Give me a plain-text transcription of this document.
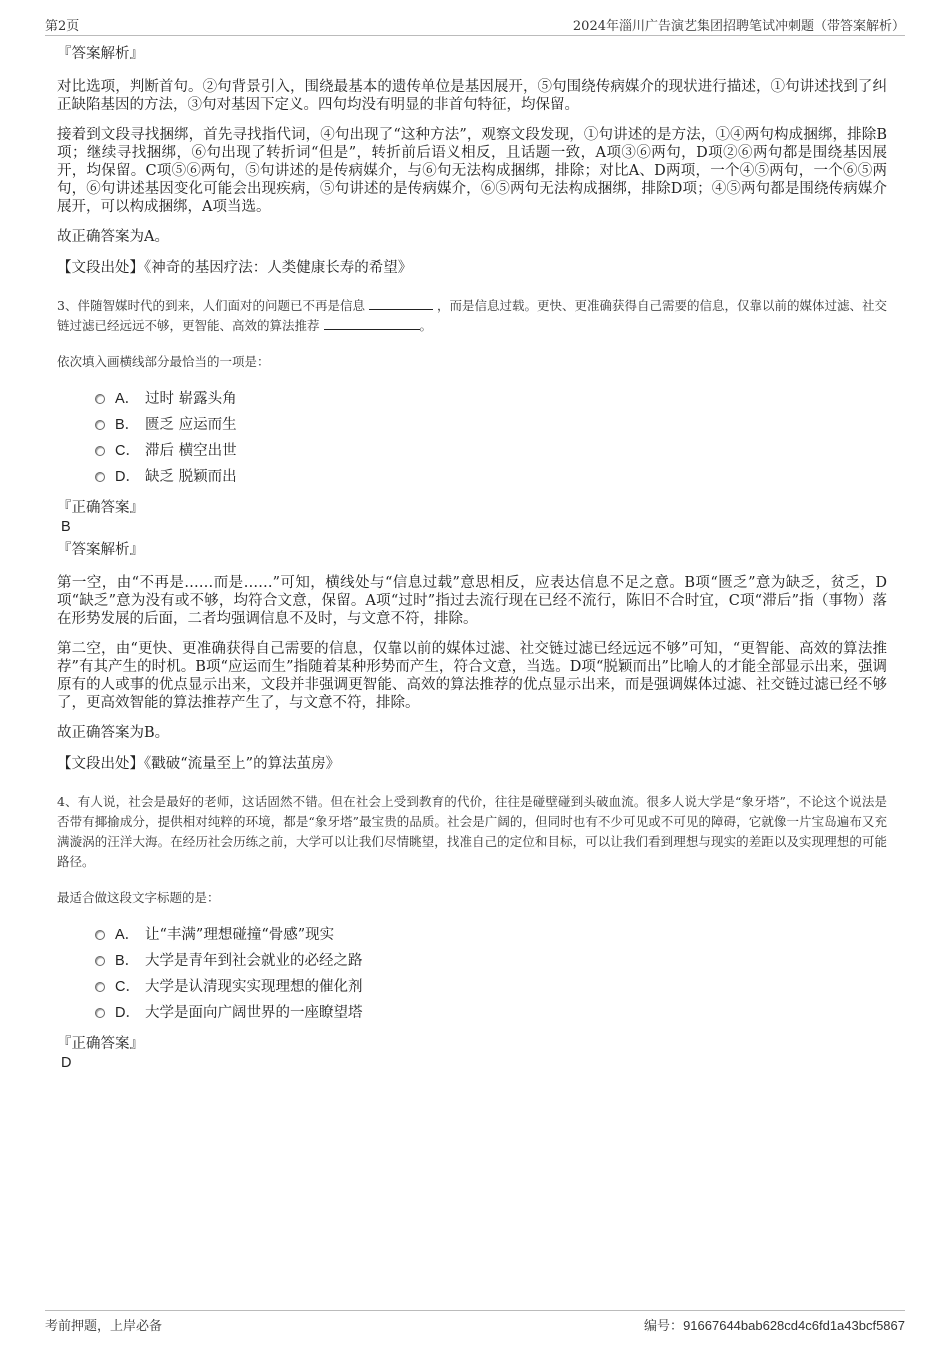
第2页	2024年淄川广告演艺集团招聘笔试冲刺题（带答案解析）
『答案解析』

对比选项，判断首句。②句背景引入，围绕最基本的遗传单位是基因展开，⑤句围绕传病媒介的现状进行描述，①句讲述找到了纠正缺陷基因的方法，③句对基因下定义。四句均没有明显的非首句特征，均保留。

接着到文段寻找捆绑，首先寻找指代词，④句出现了“这种方法”，观察文段发现，①句讲述的是方法，①④两句构成捆绑，排除B项；继续寻找捆绑，⑥句出现了转折词“但是”，转折前后语义相反，且话题一致，A项③⑥两句，D项②⑥两句都是围绕基因展开，均保留。C项⑤⑥两句，⑤句讲述的是传病媒介，与⑥句无法构成捆绑，排除；对比A、D两项，一个④⑤两句，一个⑥⑤两句，⑥句讲述基因变化可能会出现疾病，⑤句讲述的是传病媒介，⑥⑤两句无法构成捆绑，排除D项；④⑤两句都是围绕传病媒介展开，可以构成捆绑，A项当选。

故正确答案为A。

【文段出处】《神奇的基因疗法：人类健康长寿的希望》

3、伴随智媒时代的到来，人们面对的问题已不再是信息	，而是信息过载。更快、更准确获得自己需要的信息，仅靠以前的媒体过滤、社交链过滤已经远远不够，更智能、高效的算法推荐	。

依次填入画横线部分最恰当的一项是：
A． 过时 崭露头角
B． 匮乏 应运而生
C． 滞后 横空出世
D． 缺乏 脱颖而出
『正确答案』
B
『答案解析』

第一空，由“不再是……而是……”可知，横线处与“信息过载”意思相反，应表达信息不足之意。B项“匮乏”意为缺乏，贫乏，D项“缺乏”意为没有或不够，均符合文意，保留。A项“过时”指过去流行现在已经不流行，陈旧不合时宜，C项“滞后”指（事物）落在形势发展的后面，二者均强调信息不及时，与文意不符，排除。

第二空，由“更快、更准确获得自己需要的信息，仅靠以前的媒体过滤、社交链过滤已经远远不够”可知，“更智能、高效的算法推荐”有其产生的时机。B项“应运而生”指随着某种形势而产生，符合文意，当选。D项“脱颖而出”比喻人的才能全部显示出来，强调原有的人或事的优点显示出来，文段并非强调更智能、高效的算法推荐的优点显示出来，而是强调媒体过滤、社交链过滤已经不够了，更高效智能的算法推荐产生了，与文意不符，排除。

故正确答案为B。

【文段出处】《戳破“流量至上”的算法茧房》

4、有人说，社会是最好的老师，这话固然不错。但在社会上受到教育的代价，往往是碰壁碰到头破血流。很多人说大学是“象牙塔”，不论这个说法是否带有揶揄成分，提供相对纯粹的环境，都是“象牙塔”最宝贵的品质。社会是广阔的，但同时也有不少可见或不可见的障碍，它就像一片宝岛遍布又充满漩涡的汪洋大海。在经历社会历练之前，大学可以让我们尽情眺望，找准自己的定位和目标，可以让我们看到理想与现实的差距以及实现理想的可能路径。

最适合做这段文字标题的是：
A． 让“丰满”理想碰撞“骨感”现实
B． 大学是青年到社会就业的必经之路
C． 大学是认清现实实现理想的催化剂
D． 大学是面向广阔世界的一座瞭望塔
『正确答案』
D
考前押题，上岸必备	编号：91667644bab628cd4c6fd1a43bcf5867
